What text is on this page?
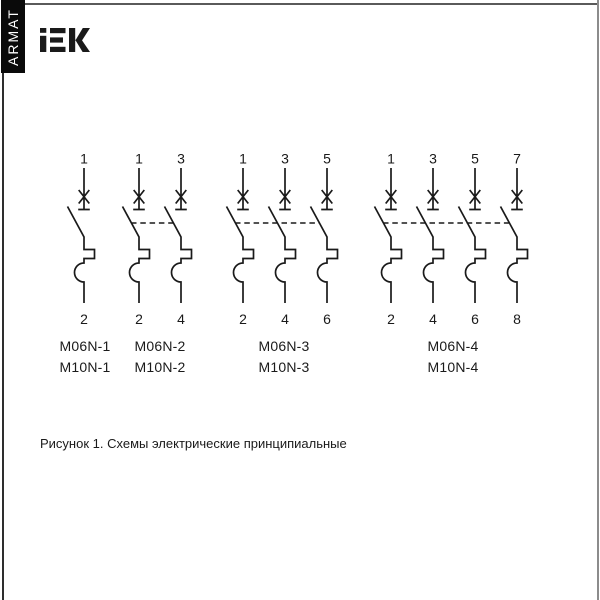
ARMAT
1
2
1
2
3
4
1
2
3
4
5
6
1
2
3
4
5
6
7
8
M06N-1
M10N-1
M06N-2
M10N-2
M06N-3
M10N-3
M06N-4
M10N-4
Рисунок 1. Схемы электрические принципиальные
